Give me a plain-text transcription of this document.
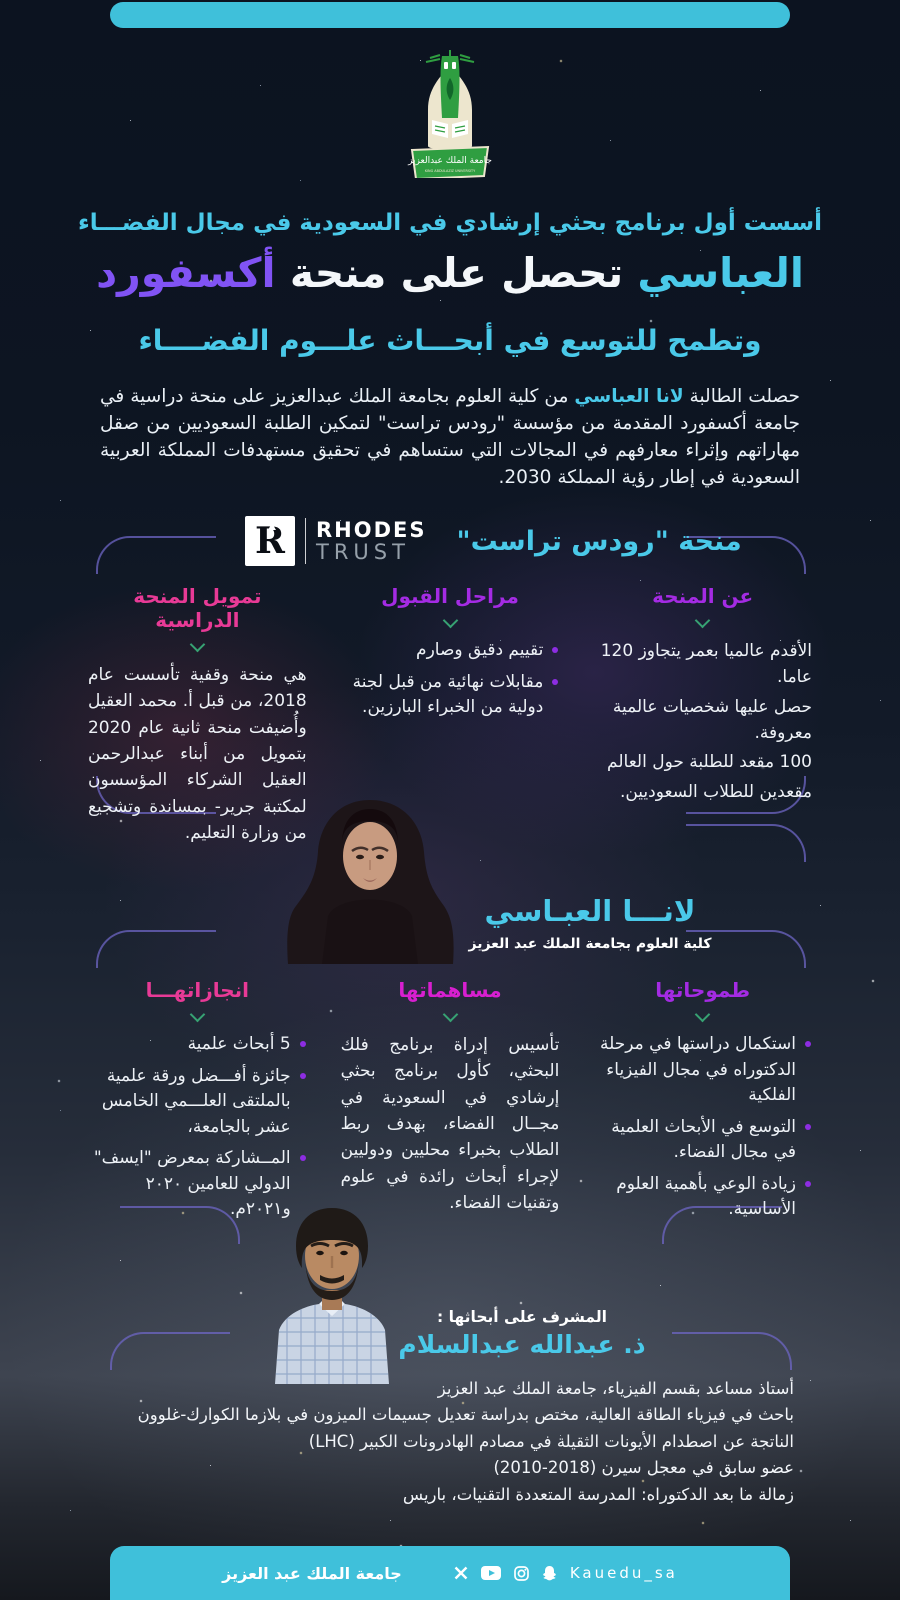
جامعة الملك عبدالعزيز
KING ABDULAZIZ UNIVERSITY
أسست أول برنامج بحثي إرشادي في السعودية في مجال الفضـــاء
العباسي تحصل على منحة أكسفورد
وتطمح للتوسع في أبحـــاث علـــوم الفضــــاء

حصلت الطالبة لانا العباسي من كلية العلوم بجامعة الملك عبدالعزيز على منحة دراسية في جامعة أكسفورد المقدمة من مؤسسة "رودس تراست" لتمكين الطلبة السعوديين من صقل مهاراتهم وإثراء معارفهم في المجالات التي ستساهم في تحقيق مستهدفات المملكة العربية السعودية في إطار رؤية المملكة 2030.

R RHODES
TRUST	منحة "رودس تراست"
عن المنحة

الأقدم عالميا بعمر يتجاوز 120 عاما.

حصل عليها شخصيات عالمية معروفة.

100 مقعد للطلبة حول العالم

مقعدين للطلاب السعوديين.

مراحل القبول
تقييم دقيق وصارم
مقابلات نهائية من قبل لجنة دولية من الخبراء البارزين.
تمويل المنحة الدراسية

هي منحة وقفية تأسست عام 2018، من قبل أ. محمد العقيل وأُضيفت منحة ثانية عام 2020 بتمويل من أبناء عبدالرحمن العقيل الشركاء المؤسسون لمكتبة جرير- بمساندة وتشجيع من وزارة التعليم.

لانـــا العبـاسي
كلية العلوم بجامعة الملك عبد العزيز
طموحاتها
استكمال دراستها في مرحلة الدكتوراه في مجال الفيزياء الفلكية
التوسع في الأبحاث العلمية في مجال الفضاء.
زيادة الوعي بأهمية العلوم الأساسية.
مساهماتها

تأسيس إدراة برنامج فلك البحثي، كأول برنامج بحثي إرشادي في السعودية في مجــال الفضاء، بهدف ربط الطلاب بخبراء محليين ودوليين لإجراء أبحاث رائدة في علوم وتقنيات الفضاء.

انجازاتهـــا
5 أبحاث علمية
جائزة أفـــضل ورقة علمية بالملتقى العلـــمي الخامس عشر بالجامعة،
المــشاركة بمعرض "ايسف" الدولي للعامين ٢٠٢٠ و٢٠٢١م.
المشرف على أبحاثها :
ذ. عبدالله عبدالسلام

أستاذ مساعد بقسم الفيزياء، جامعة الملك عبد العزيز

باحث في فيزياء الطاقة العالية، مختص بدراسة تعديل جسيمات الميزون في بلازما الكوارك-غلوون

الناتجة عن اصطدام الأيونات الثقيلة في مصادم الهادرونات الكبير (LHC)

عضو سابق في معجل سيرن (2018-2010)

زمالة ما بعد الدكتوراه: المدرسة المتعددة التقنيات، باريس

جامعة الملك عبد العزيز	Kauedu_sa
